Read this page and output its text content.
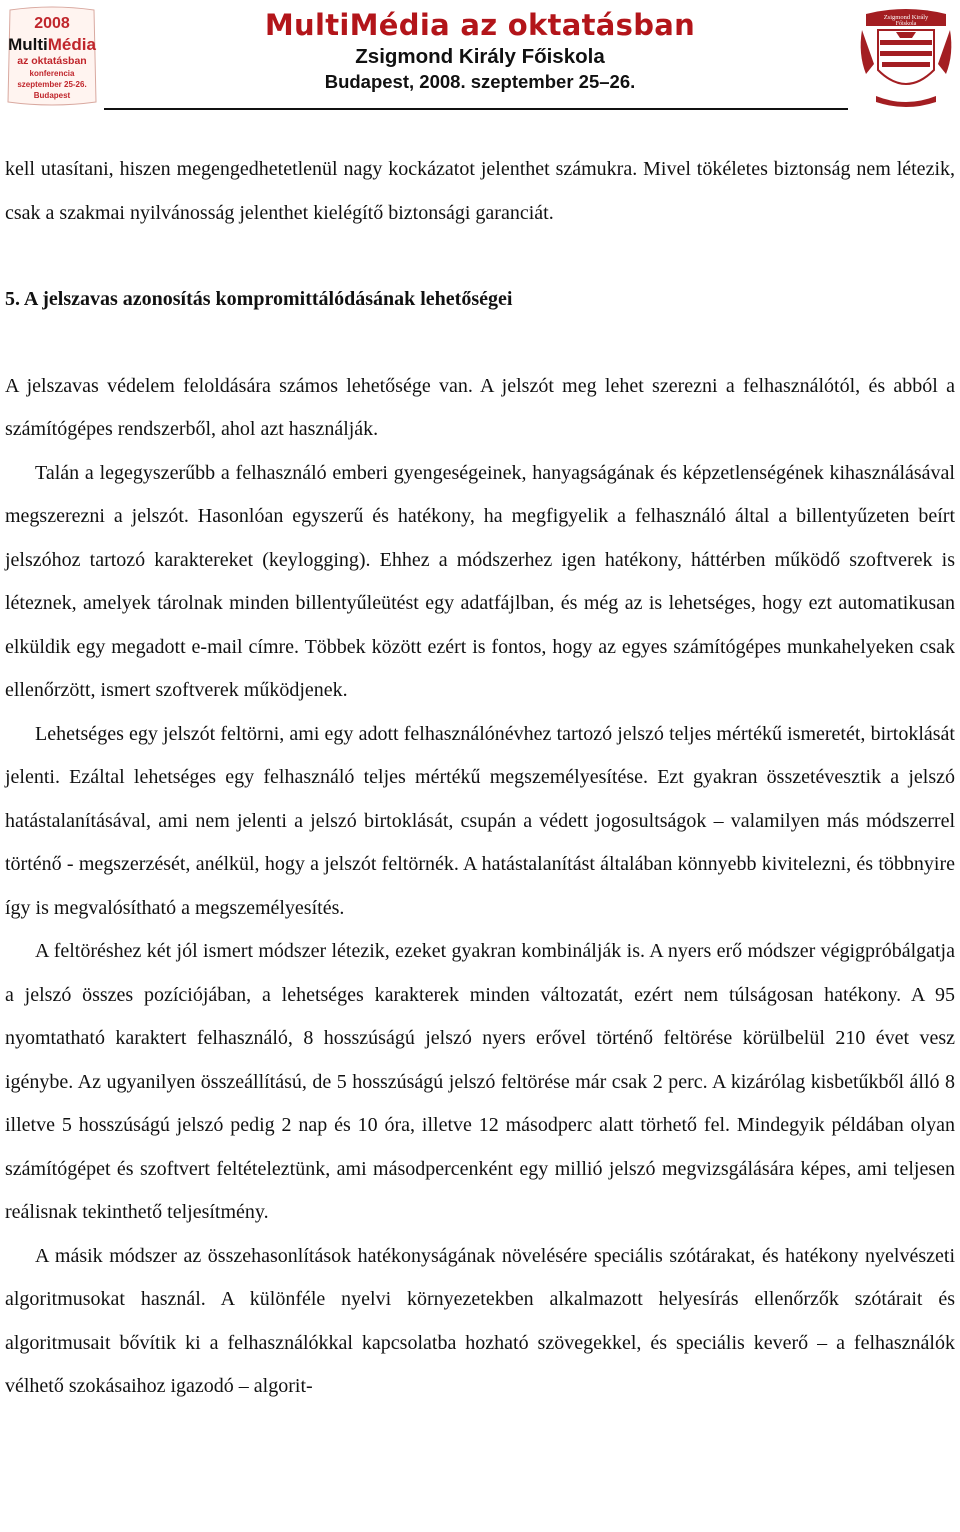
2008
MultiMédia
az oktatásban
konferencia
szeptember 25-26.
Budapest
MultiMédia az oktatásban
Zsigmond Király Főiskola
Budapest, 2008. szeptember 25–26.
Zsigmond Király
Főiskola

kell utasítani, hiszen megengedhetetlenül nagy kockázatot jelenthet számukra. Mivel tökéletes biztonság nem létezik, csak a szakmai nyilvánosság jelenthet kielégítő biztonsági garanciát.

5. A jelszavas azonosítás kompromittálódásának lehetőségei

A jelszavas védelem feloldására számos lehetősége van. A jelszót meg lehet szerezni a felhasználótól, és abból a számítógépes rendszerből, ahol azt használják.

Talán a legegyszerűbb a felhasználó emberi gyengeségeinek, hanyagságának és képzetlenségének kihasználásával megszerezni a jelszót. Hasonlóan egyszerű és hatékony, ha megfigyelik a felhasználó által a billentyűzeten beírt jelszóhoz tartozó karaktereket (keylogging). Ehhez a módszerhez igen hatékony, háttérben működő szoftverek is léteznek, amelyek tárolnak minden billentyűleütést egy adatfájlban, és még az is lehetséges, hogy ezt automatikusan elküldik egy megadott e-mail címre. Többek között ezért is fontos, hogy az egyes számítógépes munkahelyeken csak ellenőrzött, ismert szoftverek működjenek.

Lehetséges egy jelszót feltörni, ami egy adott felhasználónévhez tartozó jelszó teljes mértékű ismeretét, birtoklását jelenti. Ezáltal lehetséges egy felhasználó teljes mértékű megszemélyesítése. Ezt gyakran összetévesztik a jelszó hatástalanításával, ami nem jelenti a jelszó birtoklását, csupán a védett jogosultságok – valamilyen más módszerrel történő - megszerzését, anélkül, hogy a jelszót feltörnék. A hatástalanítást általában könnyebb kivitelezni, és többnyire így is megvalósítható a megszemélyesítés.

A feltöréshez két jól ismert módszer létezik, ezeket gyakran kombinálják is. A nyers erő módszer végigpróbálgatja a jelszó összes pozíciójában, a lehetséges karakterek minden változatát, ezért nem túlságosan hatékony. A 95 nyomtatható karaktert felhasználó, 8 hosszúságú jelszó nyers erővel történő feltörése körülbelül 210 évet vesz igénybe. Az ugyanilyen összeállítású, de 5 hosszúságú jelszó feltörése már csak 2 perc. A kizárólag kisbetűkből álló 8 illetve 5 hosszúságú jelszó pedig 2 nap és 10 óra, illetve 12 másodperc alatt törhető fel. Mindegyik példában olyan számítógépet és szoftvert feltételeztünk, ami másodpercenként egy millió jelszó megvizsgálására képes, ami teljesen reálisnak tekinthető teljesítmény.

A másik módszer az összehasonlítások hatékonyságának növelésére speciális szótárakat, és hatékony nyelvészeti algoritmusokat használ. A különféle nyelvi környezetekben alkalmazott helyesírás ellenőrzők szótárait és algoritmusait bővítik ki a felhasználókkal kapcsolatba hozható szövegekkel, és speciális keverő – a felhasználók vélhető szokásaihoz igazodó – algorit-
